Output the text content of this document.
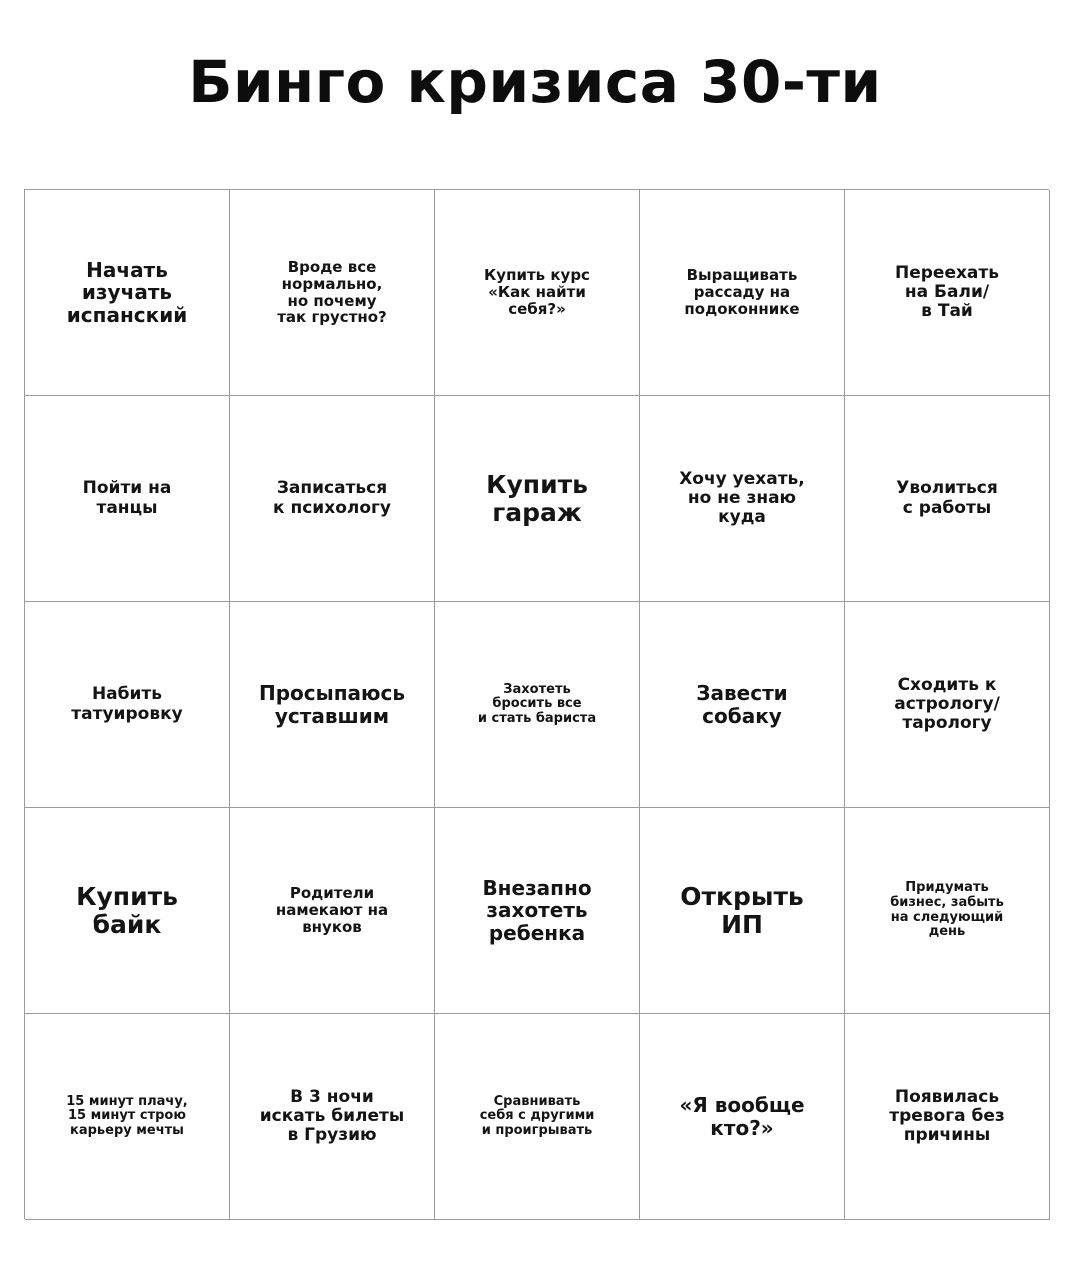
Бинго кризиса 30-ти
Начать
изучать
испанский
Вроде все
нормально,
но почему
так грустно?
Купить курс
«Как найти
себя?»
Выращивать
рассаду на
подоконнике
Переехать
на Бали/
в Тай
Пойти на
танцы
Записаться
к психологу
Купить
гараж
Хочу уехать,
но не знаю
куда
Уволиться
с работы
Набить
татуировку
Просыпаюсь
уставшим
Захотеть
бросить все
и стать бариста
Завести
собаку
Сходить к
астрологу/
тарологу
Купить
байк
Родители
намекают на
внуков
Внезапно
захотеть
ребенка
Открыть
ИП
Придумать
бизнес, забыть
на следующий
день
15 минут плачу,
15 минут строю
карьеру мечты
В 3 ночи
искать билеты
в Грузию
Сравнивать
себя с другими
и проигрывать
«Я вообще
кто?»
Появилась
тревога без
причины
